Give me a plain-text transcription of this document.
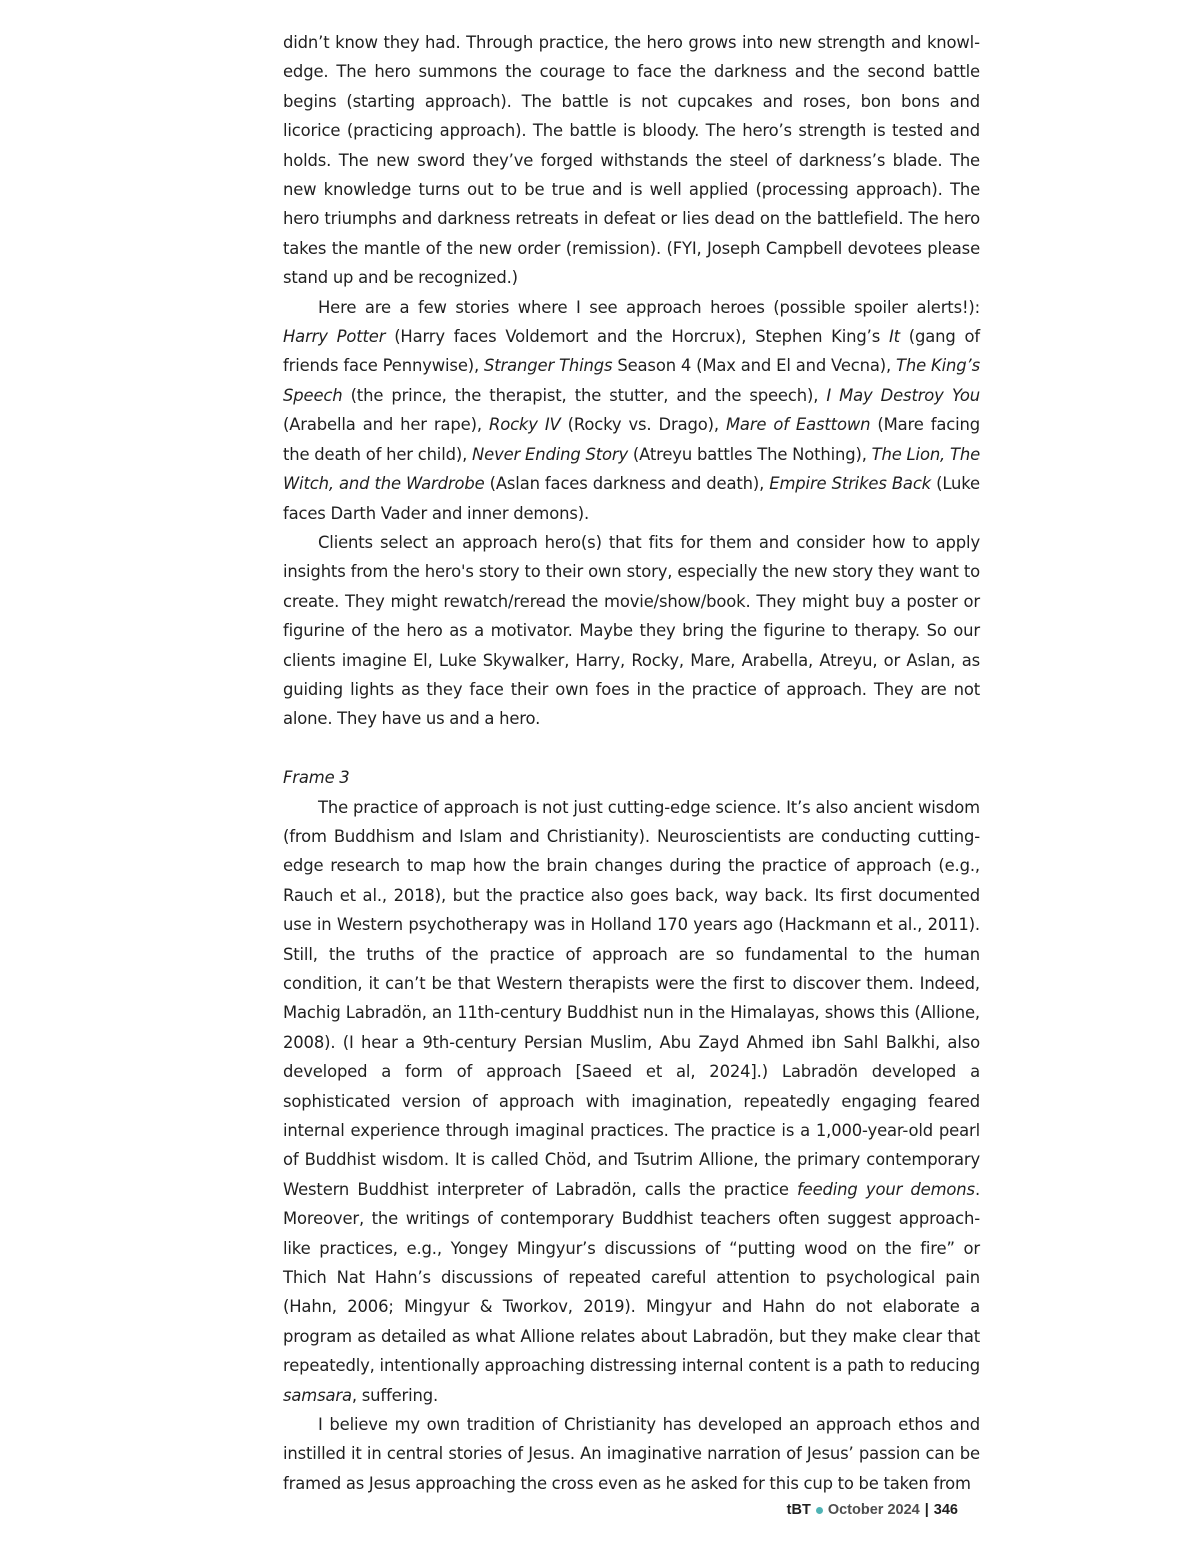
didn’t know they had. Through practice, the hero grows into new strength and knowledge. The hero summons the courage to face the darkness and the second battle begins (starting approach). The battle is not cupcakes and roses, bon bons and licorice (practicing approach). The battle is bloody. The hero’s strength is tested and holds. The new sword they’ve forged withstands the steel of darkness’s blade. The new knowledge turns out to be true and is well applied (processing approach). The hero triumphs and darkness retreats in defeat or lies dead on the battlefield. The hero takes the mantle of the new order (remission). (FYI, Joseph Campbell devotees please stand up and be recognized.)

Here are a few stories where I see approach heroes (possible spoiler alerts!): Harry Potter (Harry faces Voldemort and the Horcrux), Stephen King’s It (gang of friends face Pennywise), Stranger Things Season 4 (Max and El and Vecna), The King’s Speech (the prince, the therapist, the stutter, and the speech), I May Destroy You (Arabella and her rape), Rocky IV (Rocky vs. Drago), Mare of Easttown (Mare facing the death of her child), Never Ending Story (Atreyu battles The Nothing), The Lion, The Witch, and the Wardrobe (Aslan faces darkness and death), Empire Strikes Back (Luke faces Darth Vader and inner demons).

Clients select an approach hero(s) that fits for them and consider how to apply insights from the hero's story to their own story, especially the new story they want to create. They might rewatch/reread the movie/show/book. They might buy a poster or figurine of the hero as a motivator. Maybe they bring the figurine to therapy. So our clients imagine El, Luke Skywalker, Harry, Rocky, Mare, Arabella, Atreyu, or Aslan, as guiding lights as they face their own foes in the practice of approach. They are not alone. They have us and a hero.

Frame 3

The practice of approach is not just cutting-edge science. It’s also ancient wisdom (from Buddhism and Islam and Christianity). Neuroscientists are conducting cutting-edge research to map how the brain changes during the practice of approach (e.g., Rauch et al., 2018), but the practice also goes back, way back. Its first documented use in Western psychotherapy was in Holland 170 years ago (Hackmann et al., 2011). Still, the truths of the practice of approach are so fundamental to the human condition, it can’t be that Western therapists were the first to discover them. Indeed, Machig Labradön, an 11th-century Buddhist nun in the Himalayas, shows this (Allione, 2008). (I hear a 9th-century Persian Muslim, Abu Zayd Ahmed ibn Sahl Balkhi, also developed a form of approach [Saeed et al, 2024].) Labradön developed a sophisticated version of approach with imagination, repeatedly engaging feared internal experience through imaginal practices. The practice is a 1,000-year-old pearl of Buddhist wisdom. It is called Chöd, and Tsutrim Allione, the primary contemporary Western Buddhist interpreter of Labradön, calls the practice feeding your demons. Moreover, the writings of contemporary Buddhist teachers often suggest approach-like practices, e.g., Yongey Mingyur’s discussions of “putting wood on the fire” or Thich Nat Hahn’s discussions of repeated careful attention to psychological pain (Hahn, 2006; Mingyur & Tworkov, 2019). Mingyur and Hahn do not elaborate a program as detailed as what Allione relates about Labradön, but they make clear that repeatedly, intentionally approaching distressing internal content is a path to reducing samsara, suffering.

I believe my own tradition of Christianity has developed an approach ethos and instilled it in central stories of Jesus. An imaginative narration of Jesus’ passion can be framed as Jesus approaching the cross even as he asked for this cup to be taken from

tBT October 2024 | 346
